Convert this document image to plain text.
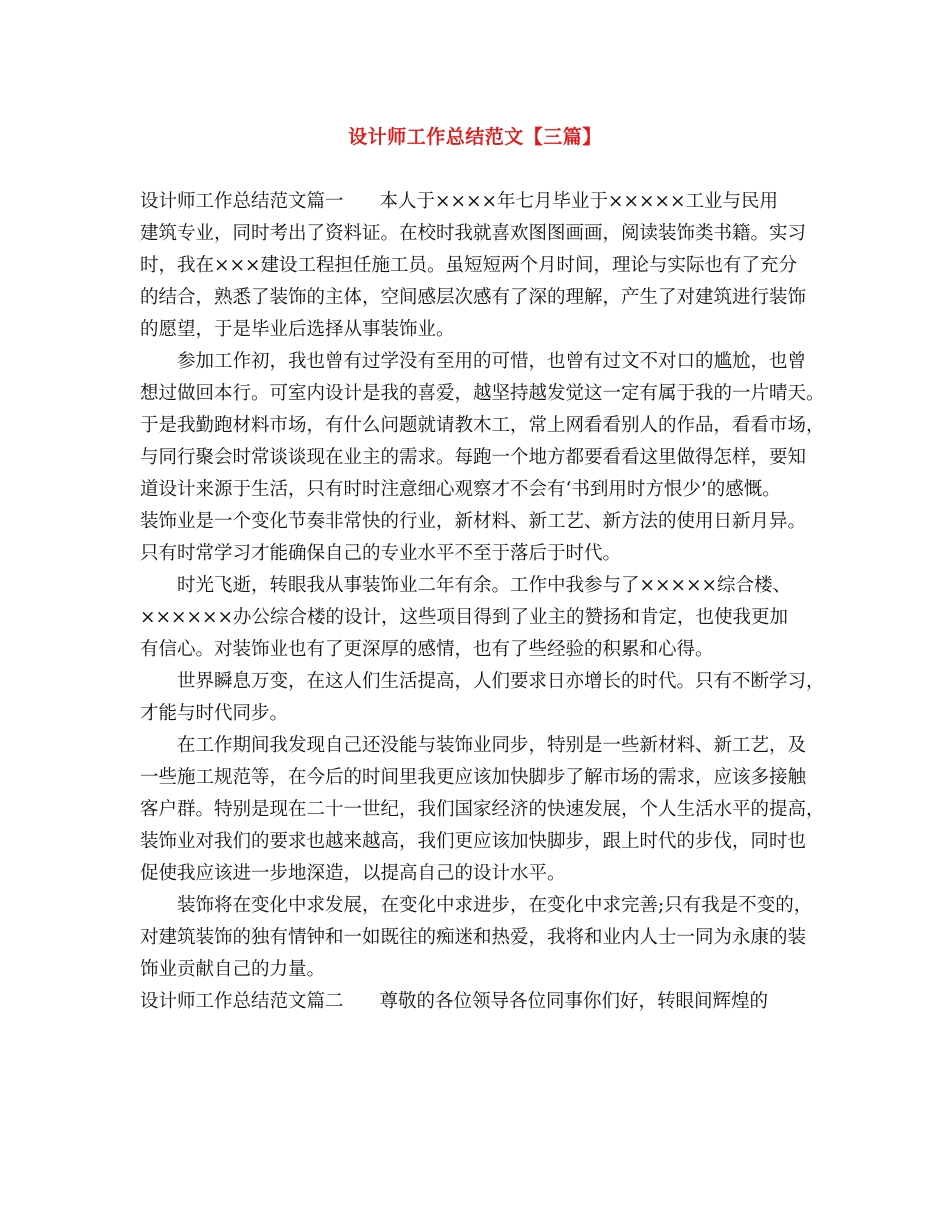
设计师工作总结范文【三篇】
设计师工作总结范文篇一 本人于××××年七月毕业于×××××工业与民用
建筑专业，同时考出了资料证。在校时我就喜欢图图画画，阅读装饰类书籍。实习
时，我在×××建设工程担任施工员。虽短短两个月时间，理论与实际也有了充分
的结合，熟悉了装饰的主体，空间感层次感有了深的理解，产生了对建筑进行装饰
的愿望，于是毕业后选择从事装饰业。
参加工作初，我也曾有过学没有至用的可惜，也曾有过文不对口的尴尬，也曾
想过做回本行。可室内设计是我的喜爱，越坚持越发觉这一定有属于我的一片晴天。
于是我勤跑材料市场，有什么问题就请教木工，常上网看看别人的作品，看看市场，
与同行聚会时常谈谈现在业主的需求。每跑一个地方都要看看这里做得怎样，要知
道设计来源于生活，只有时时注意细心观察才不会有‘书到用时方恨少’的感慨。
装饰业是一个变化节奏非常快的行业，新材料、新工艺、新方法的使用日新月异。
只有时常学习才能确保自己的专业水平不至于落后于时代。
时光飞逝，转眼我从事装饰业二年有余。工作中我参与了×××××综合楼、
××××××办公综合楼的设计，这些项目得到了业主的赞扬和肯定，也使我更加
有信心。对装饰业也有了更深厚的感情，也有了些经验的积累和心得。
世界瞬息万变，在这人们生活提高，人们要求日亦增长的时代。只有不断学习，
才能与时代同步。
在工作期间我发现自己还没能与装饰业同步，特别是一些新材料、新工艺，及
一些施工规范等，在今后的时间里我更应该加快脚步了解市场的需求，应该多接触
客户群。特别是现在二十一世纪，我们国家经济的快速发展，个人生活水平的提高，
装饰业对我们的要求也越来越高，我们更应该加快脚步，跟上时代的步伐，同时也
促使我应该进一步地深造，以提高自己的设计水平。
装饰将在变化中求发展，在变化中求进步，在变化中求完善;只有我是不变的，
对建筑装饰的独有情钟和一如既往的痴迷和热爱，我将和业内人士一同为永康的装
饰业贡献自己的力量。
设计师工作总结范文篇二 尊敬的各位领导各位同事你们好，转眼间辉煌的
